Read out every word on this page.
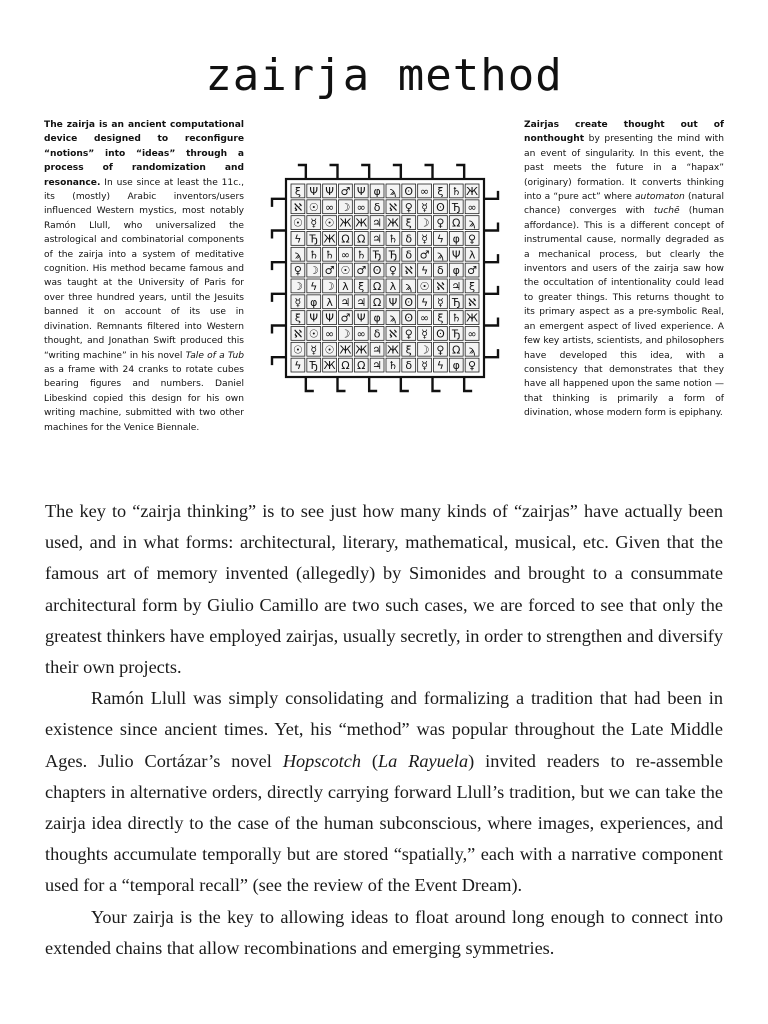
zairja method
The zairja is an ancient computational device designed to reconfigure “notions” into “ideas” through a process of randomization and resonance. In use since at least the 11c., its (mostly) Arabic inventors/users influenced Western mystics, most notably Ramón Llull, who universalized the astrological and combinatorial components of the zairja into a system of meditative cognition. His method became famous and was taught at the University of Paris for over three hundred years, until the Jesuits banned it on account of its use in divination. Remnants filtered into Western thought, and Jonathan Swift produced this “writing machine” in his novel Tale of a Tub as a frame with 24 cranks to rotate cubes bearing figures and numbers. Daniel Libeskind copied this design for his own writing machine, submitted with two other machines for the Venice Biennale.
Zairjas create thought out of nonthought by presenting the mind with an event of singularity. In this event, the past meets the future in a “hapax” (originary) formation. It converts thinking into a “pure act” where automaton (natural chance) converges with tuchē (human affordance). This is a different concept of instrumental cause, normally degraded as a mechanical process, but clearly the inventors and users of the zairja saw how the occultation of intentionality could lead to greater things. This returns thought to its primary aspect as a pre-symbolic Real, an emergent aspect of lived experience. A few key artists, scientists, and philosophers have developed this idea, with a consistency that demonstrates that they have all happened upon the same notion — that thinking is primarily a form of divination, whose modern form is epiphany.
ξ Ψ Ψ ♂ Ψ φ ϡ ʘ ∞ ξ ♄ Ж
ℵ ☉ ∞ ☽ ∞ δ ℵ ♀ ☿ ʘ Ђ ∞
☉ ☿ ☉ Ж Ж ♃ Ж ξ ☽ ♀ Ω ϡ
ϟ Ђ Ж Ω Ω ♃ ♄ δ ☿ ϟ φ ♀
ϡ ♄ ♄ ∞ ♄ Ђ Ђ δ ♂ ϡ Ψ λ
♀ ☽ ♂ ☉ ♂ ʘ ♀ ℵ ϟ δ φ ♂
☽ ϟ ☽ λ ξ Ω λ ϡ ☉ ℵ ♃ ξ
☿ φ λ ♃ ♃ Ω Ψ ʘ ϟ ☿ Ђ ℵ
ξ Ψ Ψ ♂ Ψ φ ϡ ʘ ∞ ξ ♄ Ж
ℵ ☉ ∞ ☽ ∞ δ ℵ ♀ ☿ ʘ Ђ ∞
☉ ☿ ☉ Ж Ж ♃ Ж ξ ☽ ♀ Ω ϡ
ϟ Ђ Ж Ω Ω ♃ ♄ δ ☿ ϟ φ ♀

The key to “zairja thinking” is to see just how many kinds of “zairjas” have actually been used, and in what forms: architectural, literary, mathematical, musical, etc. Given that the famous art of memory invented (allegedly) by Simonides and brought to a consummate architectural form by Giulio Camillo are two such cases, we are forced to see that only the greatest thinkers have employed zairjas, usually secretly, in order to strengthen and diversify their own projects.

Ramón Llull was simply consolidating and formalizing a tradition that had been in existence since ancient times. Yet, his “method” was popular throughout the Late Middle Ages. Julio Cortázar’s novel Hopscotch (La Rayuela) invited readers to re-assemble chapters in alternative orders, directly carrying forward Llull’s tradition, but we can take the zairja idea directly to the case of the human subconscious, where images, experiences, and thoughts accumulate temporally but are stored “spatially,” each with a narrative component used for a “temporal recall” (see the review of the Event Dream).

Your zairja is the key to allowing ideas to float around long enough to connect into extended chains that allow recombinations and emerging symmetries.
